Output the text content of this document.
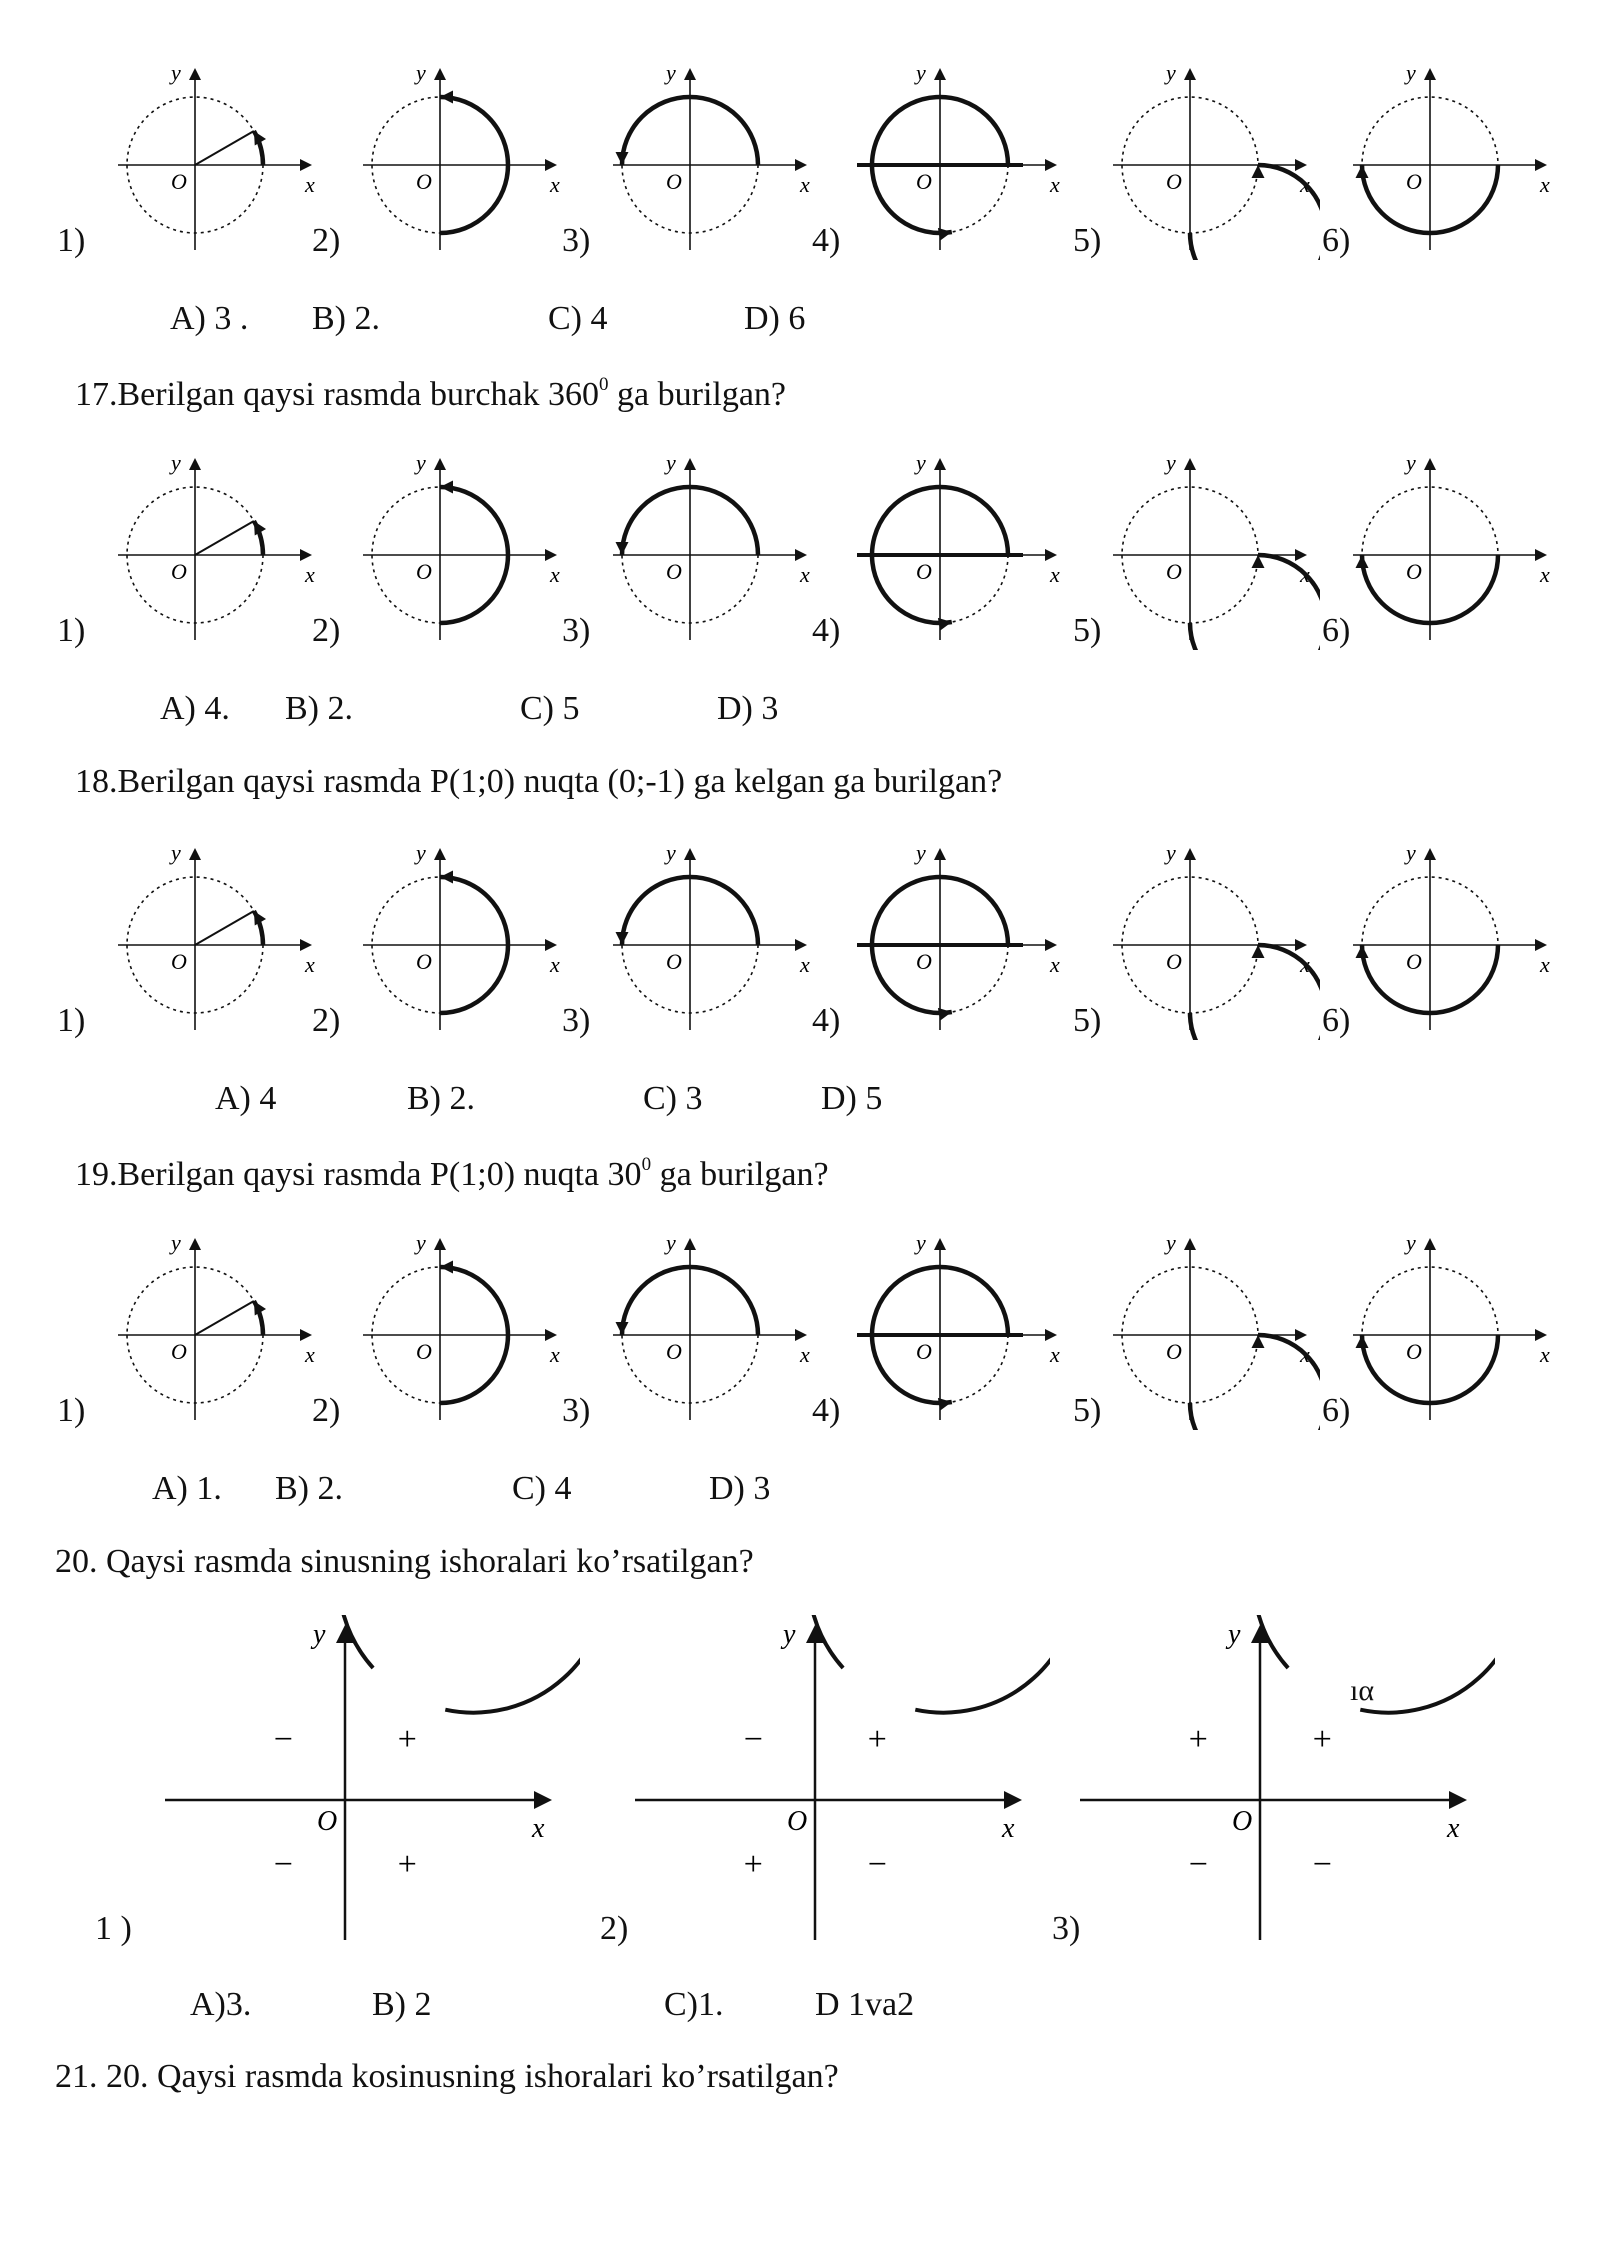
x
y
O	x
y
O	x
y
O	x
y
O	x
y
O	x
y
O
1)	2)	3)	4)	5)	6)
A) 3 . B) 2.	C) 4	D) 6
17.Berilgan qaysi rasmda burchak $360^0$ ga burilgan?
x
y
O	x
y
O	x
y
O	x
y
O	x
y
O	x
y
O
1)	2)	3)	4)	5)	6)
A) 4. B) 2.	C) 5	D) 3
18.Berilgan qaysi rasmda P(1;0) nuqta (0;-1) ga kelgan ga burilgan?
x
y
O	x
y
O	x
y
O	x
y
O	x
y
O	x
y
O
1)	2)	3)	4)	5)	6)
A) 4	B) 2.	C) 3	D) 5
19.Berilgan qaysi rasmda P(1;0) nuqta $30^0$ ga burilgan?
x
y
O	x
y
O	x
y
O	x
y
O	x
y
O	x
y
O
1)	2)	3)	4)	5)	6)
A) 1. B) 2.	C) 4	D) 3
20. Qaysi rasmda sinusning ishoralari ko’rsatilgan?
x
y
O
+
−
−	+
x
y
O
+
−
+	−
x
y
O
+
+
−	−
ıα
1 )	2)	3)
A)3.	B) 2	C)1.	D 1va2
21. 20. Qaysi rasmda kosinusning ishoralari ko’rsatilgan?
